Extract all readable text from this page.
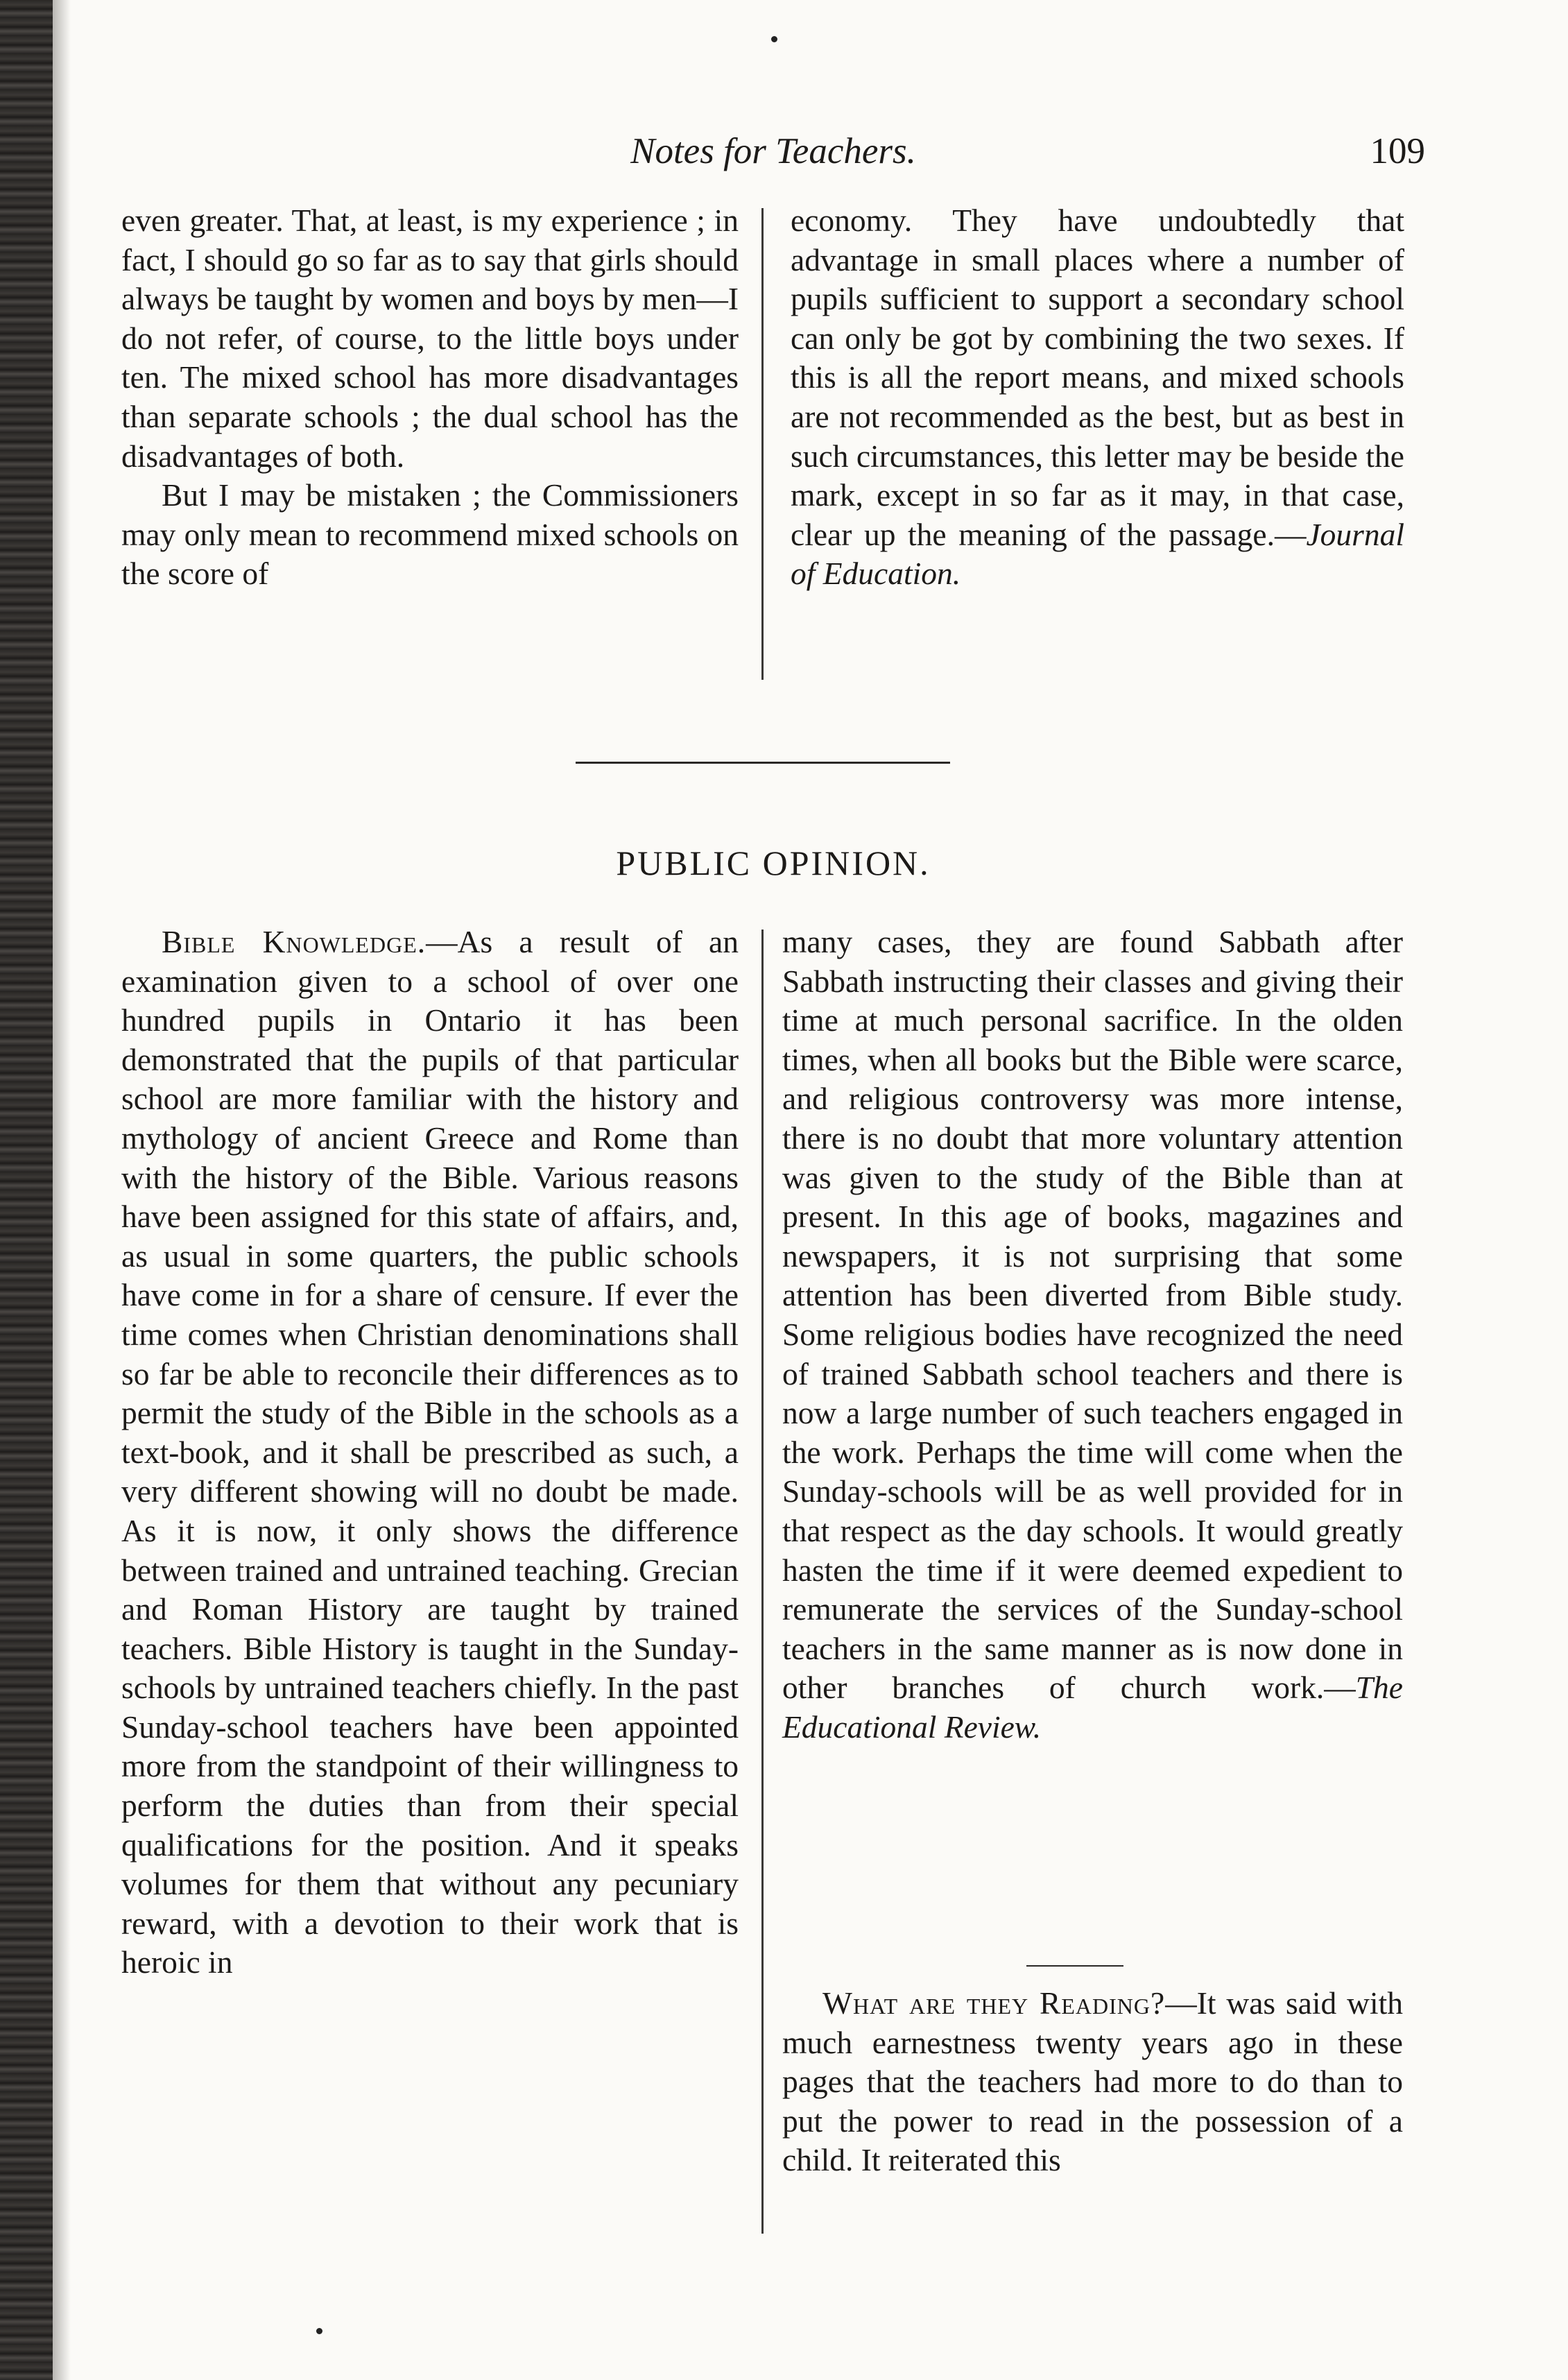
Notes for Teachers.	109

even greater. That, at least, is my experience ; in fact, I should go so far as to say that girls should always be taught by women and boys by men—I do not refer, of course, to the little boys under ten. The mixed school has more disadvantages than separate schools ; the dual school has the disadvantages of both.

But I may be mistaken ; the Commissioners may only mean to recommend mixed schools on the score of

economy. They have undoubtedly that advantage in small places where a number of pupils sufficient to support a secondary school can only be got by combining the two sexes. If this is all the report means, and mixed schools are not recommended as the best, but as best in such circumstances, this letter may be beside the mark, except in so far as it may, in that case, clear up the meaning of the passage.—Journal of Education.

PUBLIC OPINION.

Bible Knowledge.—As a result of an examination given to a school of over one hundred pupils in Ontario it has been demonstrated that the pupils of that particular school are more familiar with the history and mythology of ancient Greece and Rome than with the history of the Bible. Various reasons have been assigned for this state of affairs, and, as usual in some quarters, the public schools have come in for a share of censure. If ever the time comes when Christian denominations shall so far be able to reconcile their differences as to permit the study of the Bible in the schools as a text-book, and it shall be prescribed as such, a very different showing will no doubt be made. As it is now, it only shows the difference between trained and untrained teaching. Grecian and Roman History are taught by trained teachers. Bible History is taught in the Sunday-schools by untrained teachers chiefly. In the past Sunday-school teachers have been appointed more from the standpoint of their willingness to perform the duties than from their special qualifications for the position. And it speaks volumes for them that without any pecuniary reward, with a devotion to their work that is heroic in

many cases, they are found Sabbath after Sabbath instructing their classes and giving their time at much personal sacrifice. In the olden times, when all books but the Bible were scarce, and religious controversy was more intense, there is no doubt that more voluntary attention was given to the study of the Bible than at present. In this age of books, magazines and newspapers, it is not surprising that some attention has been diverted from Bible study. Some religious bodies have recognized the need of trained Sabbath school teachers and there is now a large number of such teachers engaged in the work. Perhaps the time will come when the Sunday-schools will be as well provided for in that respect as the day schools. It would greatly hasten the time if it were deemed expedient to remunerate the services of the Sunday-school teachers in the same manner as is now done in other branches of church work.—The Educational Review.

What are they Reading?—It was said with much earnestness twenty years ago in these pages that the teachers had more to do than to put the power to read in the possession of a child. It reiterated this
